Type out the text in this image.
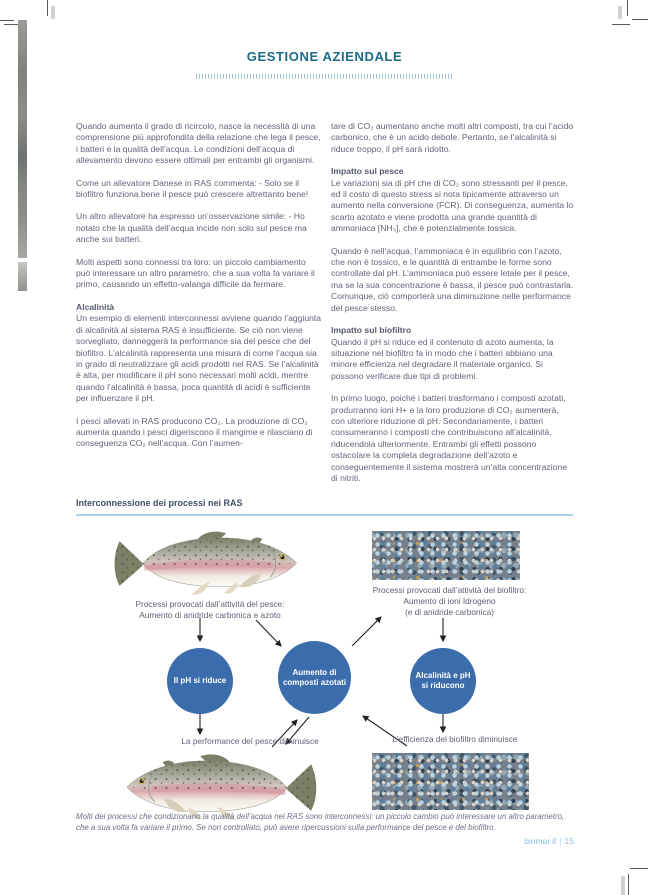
GESTIONE AZIENDALE

Quando aumenta il grado di ricircolo, nasce la necessità di una comprensione più approfondita della relazione che lega il pesce, i batteri e la qualità dell’acqua. Le condizioni dell’acqua di allevamento devono essere ottimali per entrambi gli organismi.

Come un allevatore Danese in RAS commenta: - Solo se il biofiltro funziona bene il pesce può crescere altrettanto bene!

Un altro allevatore ha espresso un’osservazione simile: - Ho notato che la qualità dell’acqua incide non solo sul pesce ma anche sui batteri.

Molti aspetti sono connessi tra loro: un piccolo cambiamento può interessare un altro parametro, che a sua volta fa variare il primo, causando un effetto-valanga difficile da fermare.

Alcalinità

Un esempio di elementi interconnessi avviene quando l’aggiunta di alcalinità al sistema RAS è insufficiente. Se ciò non viene sorvegliato, danneggerà la performance sia del pesce che del biofiltro. L’alcalinità rappresenta una misura di come l’acqua sia in grado di neutralizzare gli acidi prodotti nel RAS. Se l’alcalinità è alta, per modificare il pH sono necessari molti acidi, mentre quando l’alcalinità è bassa, poca quantità di acidi è sufficiente per influenzare il pH.

I pesci allevati in RAS producono CO₂. La produzione di CO₂ aumenta quando i pesci digeriscono il mangime e rilasciano di conseguenza CO₂ nell’acqua. Con l’aumen-

tare di CO₂ aumentano anche molti altri composti, tra cui l’acido carbonico, che è un acido debole. Pertanto, se l’alcalinità si riduce troppo, il pH sarà ridotto.

Impatto sul pesce

Le variazioni sia di pH che di CO₂ sono stressanti per il pesce, ed il costo di questo stress si nota tipicamente attraverso un aumento nella conversione (FCR). Di conseguenza, aumenta lo scarto azotato e viene prodotta una grande quantità di ammoniaca [NH₃], che è potenzialmente tossica.

Quando è nell’acqua, l’ammoniaca è in equilibrio con l’azoto, che non è tossico, e le quantità di entrambe le forme sono controllate dal pH. L’ammoniaca può essere letale per il pesce, ma se la sua concentrazione è bassa, il pesce può contrastarla. Comunque, ciò comporterà una diminuzione nelle performance del pesce stesso.

Impatto sul biofiltro

Quando il pH si riduce ed il contenuto di azoto aumenta, la situazione nel biofiltro fa in modo che i batteri abbiano una minore efficienza nel degradare il materiale organico. Si possono verificare due tipi di problemi.

In primo luogo, poiché i batteri trasformano i composti azotati, produrranno ioni H+ e la loro produzione di CO₂ aumenterà, con ulteriore riduzione di pH. Secondariamente, i batteri consumeranno i composti che contribuiscono all’alcalinità, riducendola ulteriormente. Entrambi gli effetti possono ostacolare la completa degradazione dell’azoto e conseguentemente il sistema mostrerà un’alta concentrazione di nitriti.

Interconnessione dei processi nei RAS
Processi provocati dall’attività del pesce:
Aumento di anidride carbonica e azoto
Processi provocati dall’attività del biofiltro:
Aumento di ioni Idrogeno
(e di anidride carbonica)
Il pH si riduce
Aumento di composti azotati
Alcalinità e pH si riducono
La performance del pesce diminuisce	L’efficienza del biofiltro diminuisce
Molti dei processi che condizionano la qualità dell’acqua nei RAS sono interconnessi: un piccolo cambio può interessare un altro parametro, che a sua volta fa variare il primo. Se non controllato, può avere ripercussioni sulla performance del pesce e del biofiltro.
biomar.it | 15
